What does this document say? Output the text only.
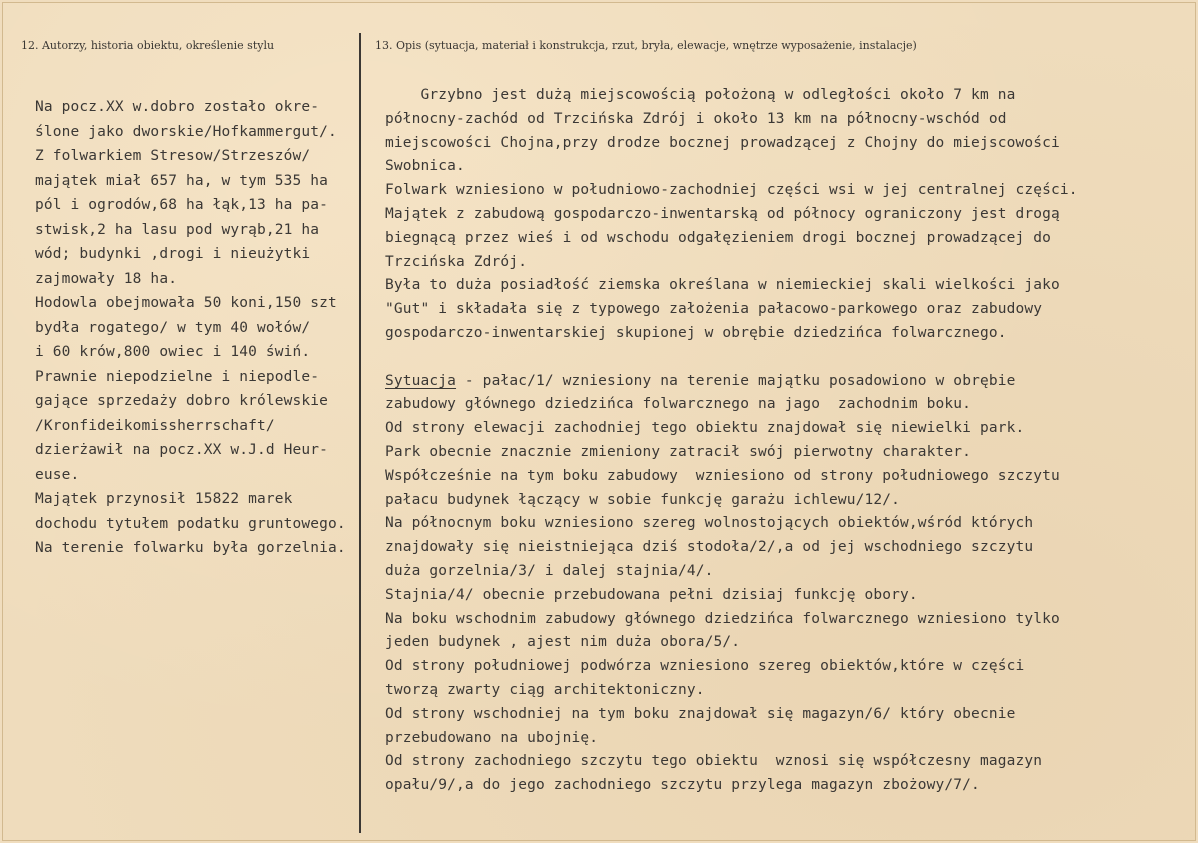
12. Autorzy, historia obiektu, określenie stylu	13. Opis (sytuacja, materiał i konstrukcja, rzut, bryła, elewacje, wnętrze wyposażenie, instalacje)
Na pocz.XX w.dobro zostało okre-
ślone jako dworskie/Hofkammergut/.
Z folwarkiem Stresow/Strzeszów/
majątek miał 657 ha, w tym 535 ha
pól i ogrodów,68 ha łąk,13 ha pa-
stwisk,2 ha lasu pod wyrąb,21 ha
wód; budynki ,drogi i nieużytki
zajmowały 18 ha.
Hodowla obejmowała 50 koni,150 szt
bydła rogatego/ w tym 40 wołów/
i 60 krów,800 owiec i 140 świń.
Prawnie niepodzielne i niepodle-
gające sprzedaży dobro królewskie
/Kronfideikomissherrschaft/
dzierżawił na pocz.XX w.J.d Heur-
euse.
Majątek przynosił 15822 marek
dochodu tytułem podatku gruntowego.
Na terenie folwarku była gorzelnia.
Grzybno jest dużą miejscowością położoną w odległości około 7 km na
północny-zachód od Trzcińska Zdrój i około 13 km na północny-wschód od
miejscowości Chojna,przy drodze bocznej prowadzącej z Chojny do miejscowości
Swobnica.
Folwark wzniesiono w południowo-zachodniej części wsi w jej centralnej części.
Majątek z zabudową gospodarczo-inwentarską od północy ograniczony jest drogą
biegnącą przez wieś i od wschodu odgałęzieniem drogi bocznej prowadzącej do
Trzcińska Zdrój.
Była to duża posiadłość ziemska określana w niemieckiej skali wielkości jako
"Gut" i składała się z typowego założenia pałacowo-parkowego oraz zabudowy
gospodarczo-inwentarskiej skupionej w obrębie dziedzińca folwarcznego.

Sytuacja - pałac/1/ wzniesiony na terenie majątku posadowiono w obrębie
zabudowy głównego dziedzińca folwarcznego na jago  zachodnim boku.
Od strony elewacji zachodniej tego obiektu znajdował się niewielki park.
Park obecnie znacznie zmieniony zatracił swój pierwotny charakter.
Współcześnie na tym boku zabudowy  wzniesiono od strony południowego szczytu
pałacu budynek łączący w sobie funkcję garażu ichlewu/12/.
Na północnym boku wzniesiono szereg wolnostojących obiektów,wśród których
znajdowały się nieistniejąca dziś stodoła/2/,a od jej wschodniego szczytu
duża gorzelnia/3/ i dalej stajnia/4/.
Stajnia/4/ obecnie przebudowana pełni dzisiaj funkcję obory.
Na boku wschodnim zabudowy głównego dziedzińca folwarcznego wzniesiono tylko
jeden budynek , ajest nim duża obora/5/.
Od strony południowej podwórza wzniesiono szereg obiektów,które w części
tworzą zwarty ciąg architektoniczny.
Od strony wschodniej na tym boku znajdował się magazyn/6/ który obecnie
przebudowano na ubojnię.
Od strony zachodniego szczytu tego obiektu  wznosi się współczesny magazyn
opału/9/,a do jego zachodniego szczytu przylega magazyn zbożowy/7/.
